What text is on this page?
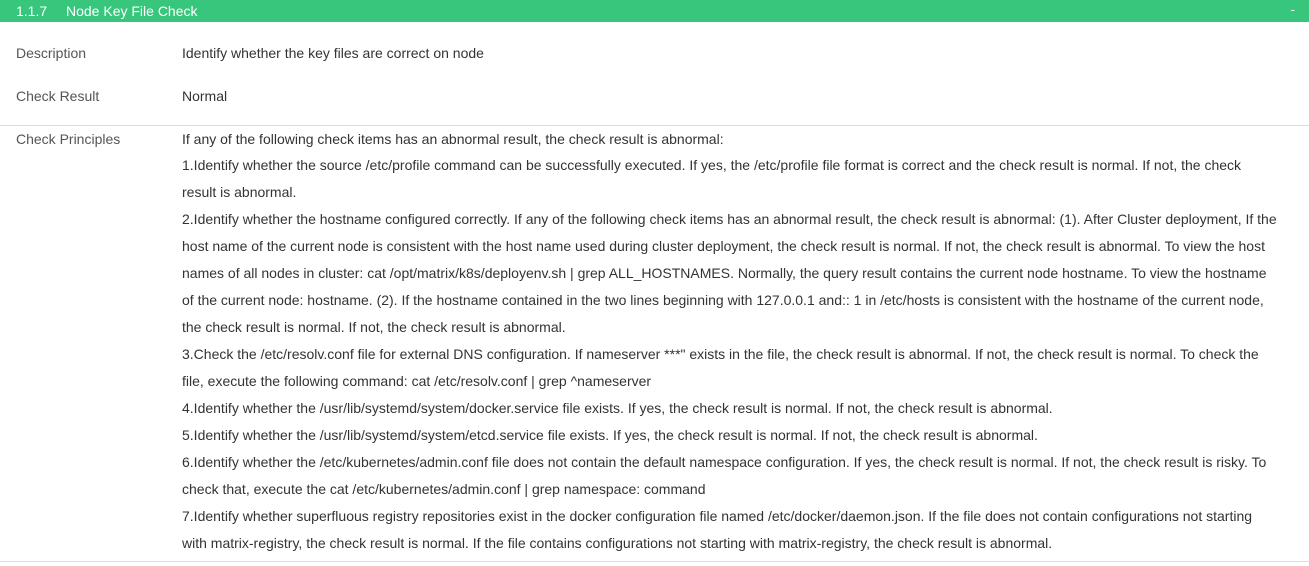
1.1.7	Node Key File Check	-
Description	Identify whether the key files are correct on node
Check Result	Normal
Check Principles	If any of the following check items has an abnormal result, the check result is abnormal:
1.Identify whether the source /etc/profile command can be successfully executed. If yes, the /etc/profile file format is correct and the check result is normal. If not, the check result is abnormal.
2.Identify whether the hostname configured correctly. If any of the following check items has an abnormal result, the check result is abnormal: (1). After Cluster deployment, If the host name of the current node is consistent with the host name used during cluster deployment, the check result is normal. If not, the check result is abnormal. To view the host names of all nodes in cluster: cat /opt/matrix/k8s/deployenv.sh | grep ALL_HOSTNAMES. Normally, the query result contains the current node hostname. To view the hostname of the current node: hostname. (2). If the hostname contained in the two lines beginning with 127.0.0.1 and:: 1 in /etc/hosts is consistent with the hostname of the current node, the check result is normal. If not, the check result is abnormal.
3.Check the /etc/resolv.conf file for external DNS configuration. If nameserver ***" exists in the file, the check result is abnormal. If not, the check result is normal. To check the file, execute the following command: cat /etc/resolv.conf | grep ^nameserver
4.Identify whether the /usr/lib/systemd/system/docker.service file exists. If yes, the check result is normal. If not, the check result is abnormal.
5.Identify whether the /usr/lib/systemd/system/etcd.service file exists. If yes, the check result is normal. If not, the check result is abnormal.
6.Identify whether the /etc/kubernetes/admin.conf file does not contain the default namespace configuration. If yes, the check result is normal. If not, the check result is risky. To check that, execute the cat /etc/kubernetes/admin.conf | grep namespace: command
7.Identify whether superfluous registry repositories exist in the docker configuration file named /etc/docker/daemon.json. If the file does not contain configurations not starting with matrix-registry, the check result is normal. If the file contains configurations not starting with matrix-registry, the check result is abnormal.
